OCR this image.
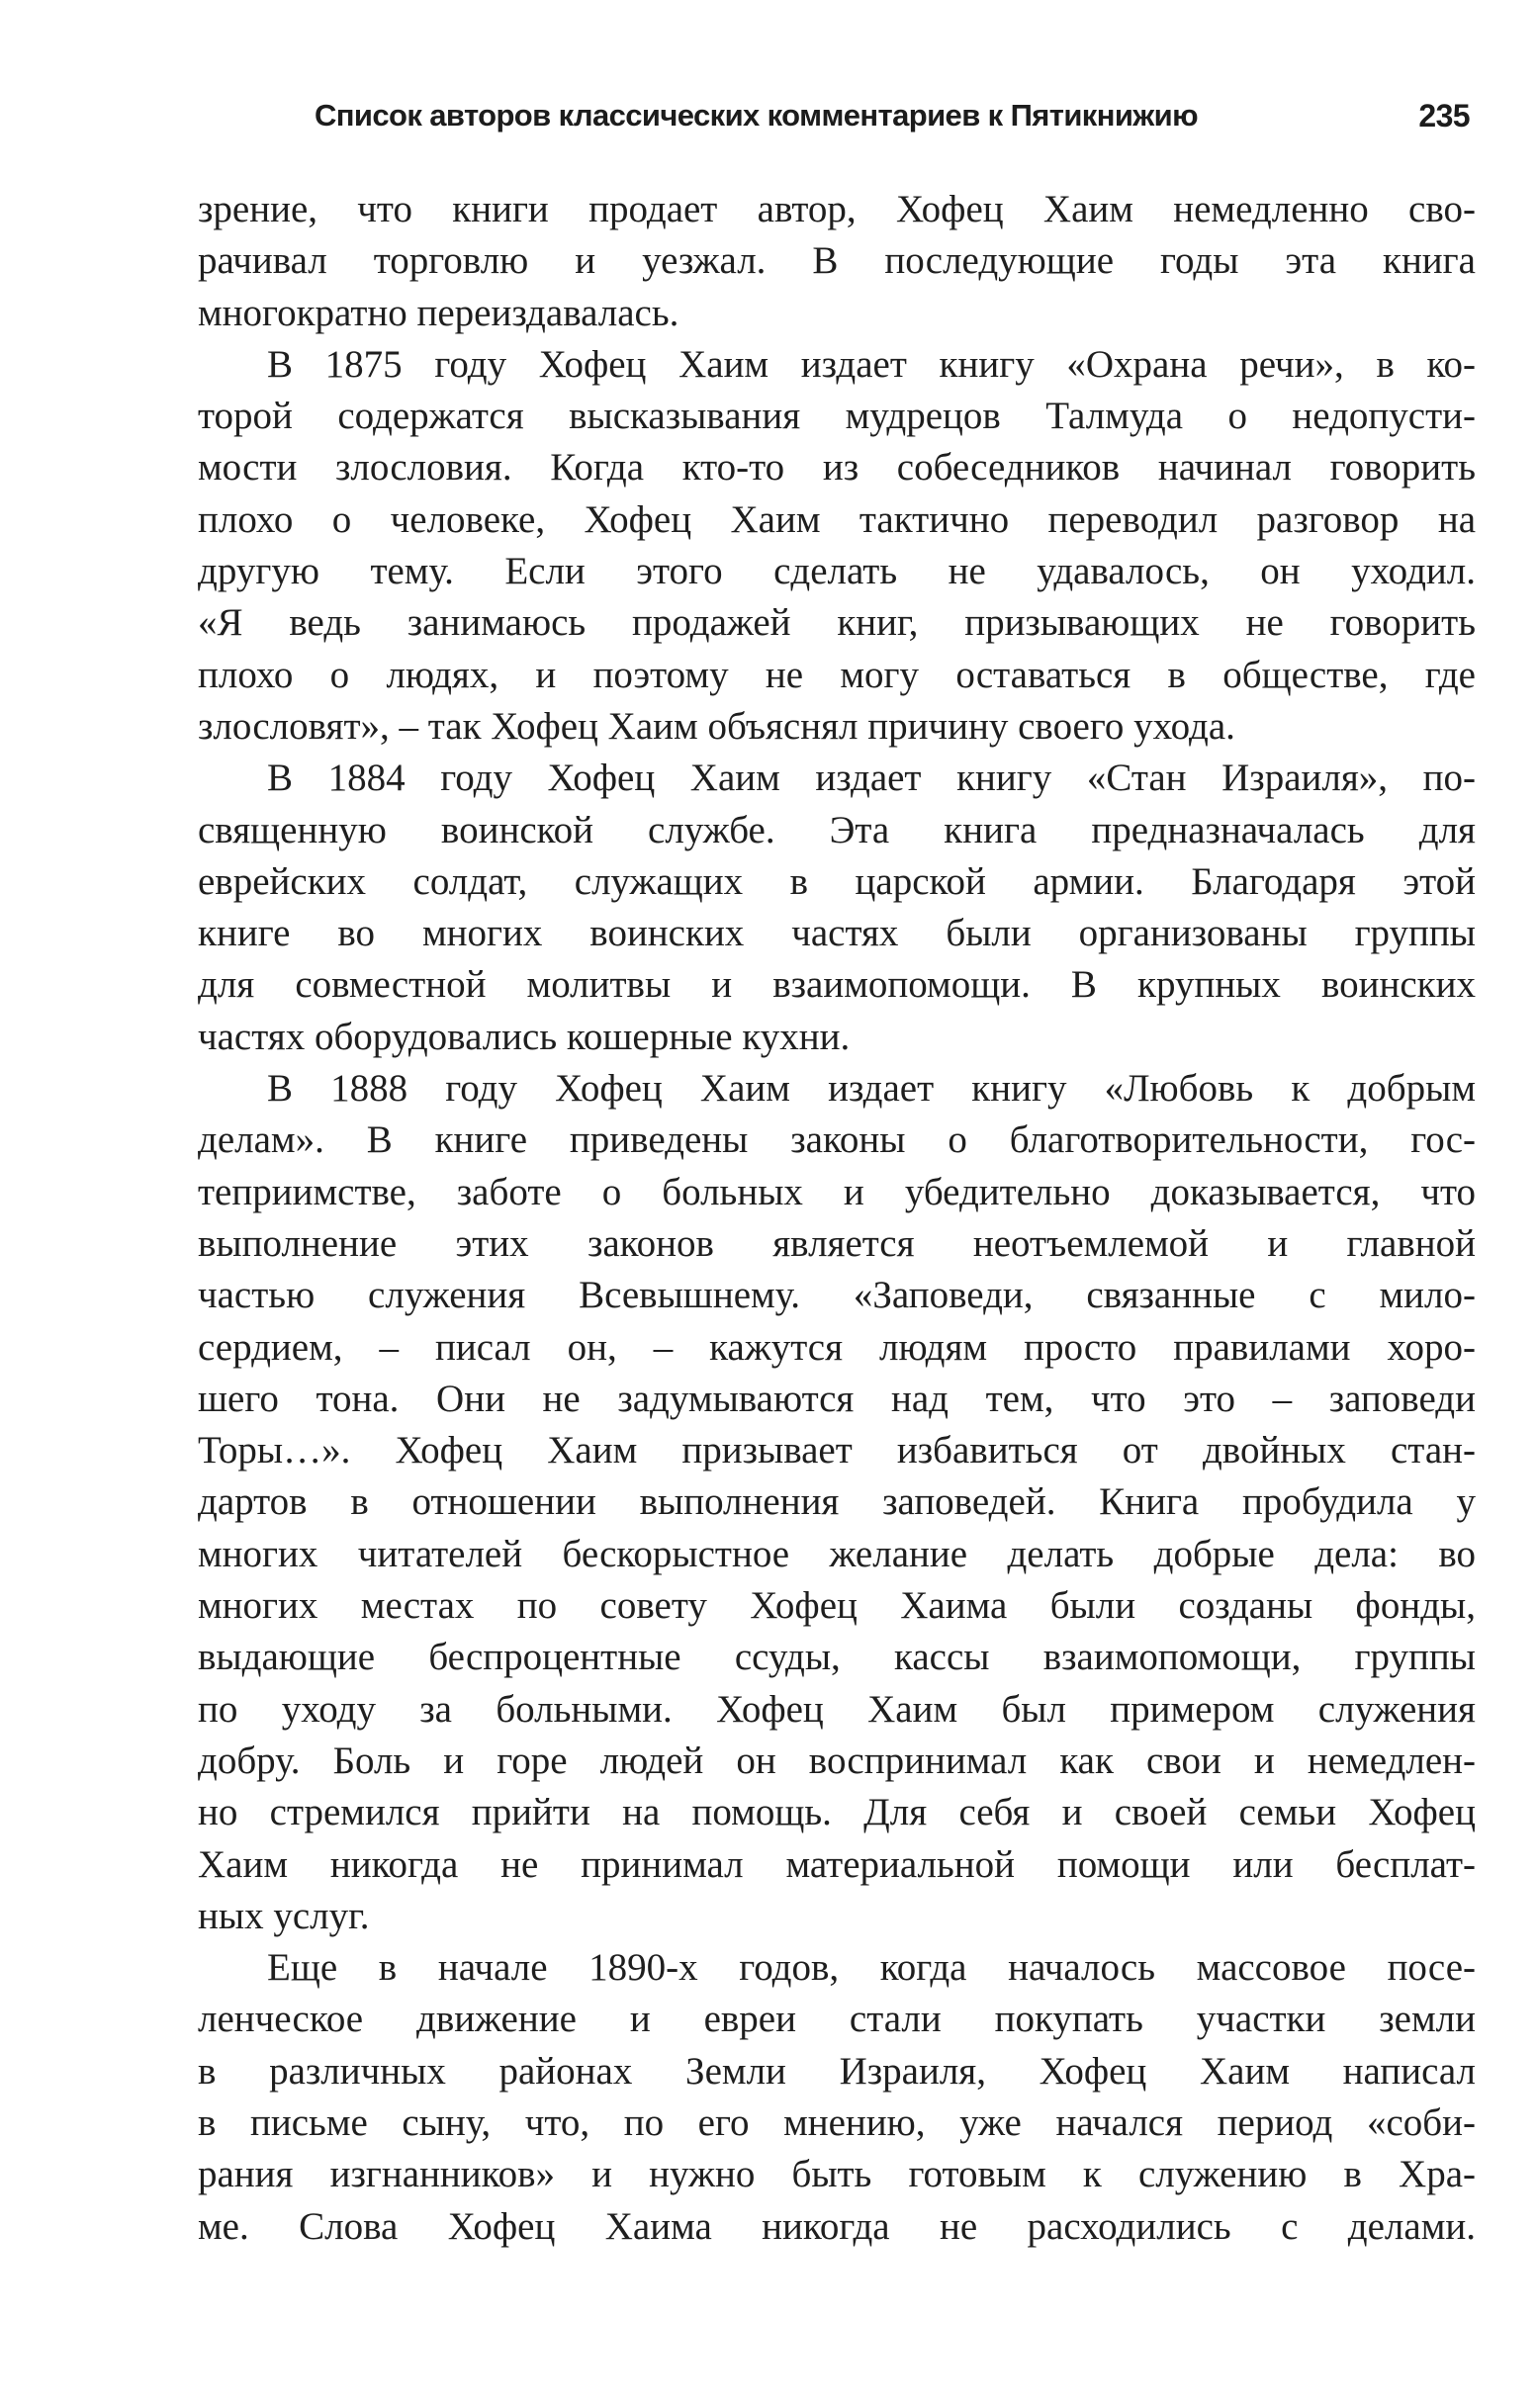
Список авторов классических комментариев к Пятикнижию	235
зрение, что книги продает автор, Хофец Хаим немедленно сво-
рачивал торговлю и уезжал. В последующие годы эта книга
многократно переиздавалась.
В 1875 году Хофец Хаим издает книгу «Охрана речи», в ко-
торой содержатся высказывания мудрецов Талмуда о недопусти-
мости злословия. Когда кто-то из собеседников начинал говорить
плохо о человеке, Хофец Хаим тактично переводил разговор на
другую тему. Если этого сделать не удавалось, он уходил.
«Я ведь занимаюсь продажей книг, призывающих не говорить
плохо о людях, и поэтому не могу оставаться в обществе, где
злословят», – так Хофец Хаим объяснял причину своего ухода.
В 1884 году Хофец Хаим издает книгу «Стан Израиля», по-
священную воинской службе. Эта книга предназначалась для
еврейских солдат, служащих в царской армии. Благодаря этой
книге во многих воинских частях были организованы группы
для совместной молитвы и взаимопомощи. В крупных воинских
частях оборудовались кошерные кухни.
В 1888 году Хофец Хаим издает книгу «Любовь к добрым
делам». В книге приведены законы о благотворительности, гос-
теприимстве, заботе о больных и убедительно доказывается, что
выполнение этих законов является неотъемлемой и главной
частью служения Всевышнему. «Заповеди, связанные с мило-
сердием, – писал он, – кажутся людям просто правилами хоро-
шего тона. Они не задумываются над тем, что это – заповеди
Торы…». Хофец Хаим призывает избавиться от двойных стан-
дартов в отношении выполнения заповедей. Книга пробудила у
многих читателей бескорыстное желание делать добрые дела: во
многих местах по совету Хофец Хаима были созданы фонды,
выдающие беспроцентные ссуды, кассы взаимопомощи, группы
по уходу за больными. Хофец Хаим был примером служения
добру. Боль и горе людей он воспринимал как свои и немедлен-
но стремился прийти на помощь. Для себя и своей семьи Хофец
Хаим никогда не принимал материальной помощи или бесплат-
ных услуг.
Еще в начале 1890-х годов, когда началось массовое посе-
ленческое движение и евреи стали покупать участки земли
в различных районах Земли Израиля, Хофец Хаим написал
в письме сыну, что, по его мнению, уже начался период «соби-
рания изгнанников» и нужно быть готовым к служению в Хра-
ме. Слова Хофец Хаима никогда не расходились с делами.
